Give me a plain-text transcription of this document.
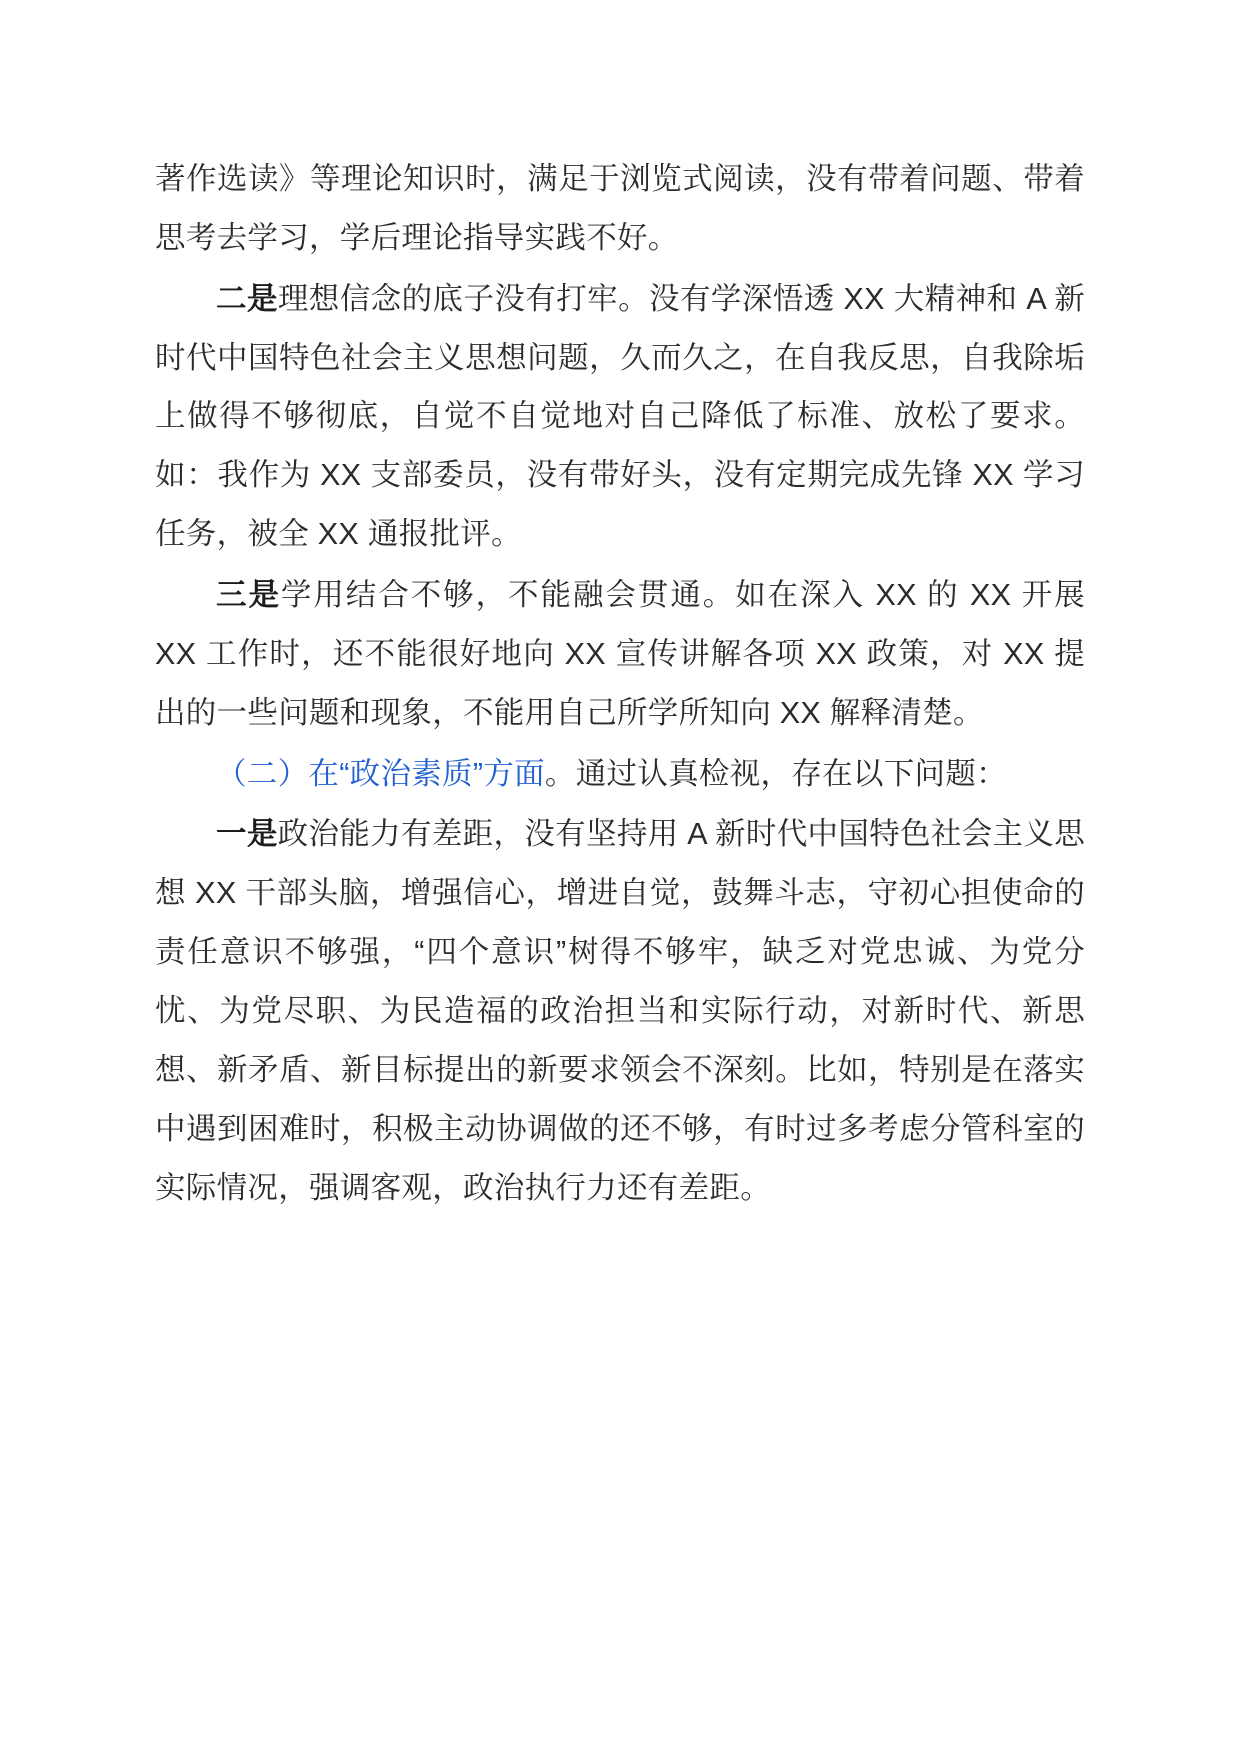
著作选读》等理论知识时，满足于浏览式阅读，没有带着问题、带着思考去学习，学后理论指导实践不好。

二是理想信念的底子没有打牢。没有学深悟透 XX 大精神和 A 新时代中国特色社会主义思想问题，久而久之，在自我反思，自我除垢上做得不够彻底，自觉不自觉地对自己降低了标准、放松了要求。如：我作为 XX 支部委员，没有带好头，没有定期完成先锋 XX 学习任务，被全 XX 通报批评。

三是学用结合不够，不能融会贯通。如在深入 XX 的 XX 开展 XX 工作时，还不能很好地向 XX 宣传讲解各项 XX 政策，对 XX 提出的一些问题和现象，不能用自己所学所知向 XX 解释清楚。

（二）在“政治素质”方面。通过认真检视，存在以下问题：

一是政治能力有差距，没有坚持用 A 新时代中国特色社会主义思想 XX 干部头脑，增强信心，增进自觉，鼓舞斗志，守初心担使命的责任意识不够强，“四个意识”树得不够牢，缺乏对党忠诚、为党分忧、为党尽职、为民造福的政治担当和实际行动，对新时代、新思想、新矛盾、新目标提出的新要求领会不深刻。比如，特别是在落实中遇到困难时，积极主动协调做的还不够，有时过多考虑分管科室的实际情况，强调客观，政治执行力还有差距。
